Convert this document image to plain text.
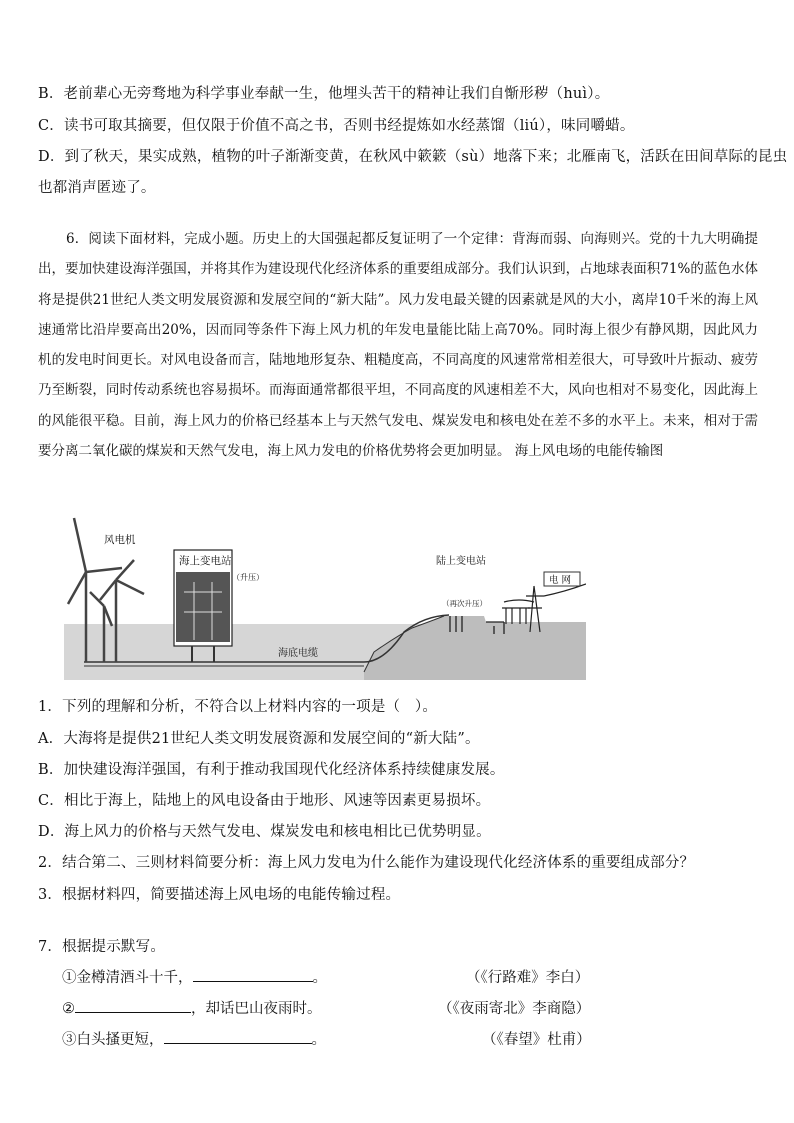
B．老前辈心无旁骛地为科学事业奉献一生，他埋头苦干的精神让我们自惭形秽（huì）。
C．读书可取其摘要，但仅限于价值不高之书，否则书经提炼如水经蒸馏（liú），味同嚼蜡。
D．到了秋天，果实成熟，植物的叶子渐渐变黄，在秋风中簌簌（sù）地落下来；北雁南飞，活跃在田间草际的昆虫
也都消声匿迹了。
6．阅读下面材料，完成小题。历史上的大国强起都反复证明了一个定律：背海而弱、向海则兴。党的十九大明确提出，要加快建设海洋强国，并将其作为建设现代化经济体系的重要组成部分。我们认识到，占地球表面积71%的蓝色水体将是提供21世纪人类文明发展资源和发展空间的“新大陆”。风力发电最关键的因素就是风的大小，离岸10千米的海上风速通常比沿岸要高出20%，因而同等条件下海上风力机的年发电量能比陆上高70%。同时海上很少有静风期，因此风力机的发电时间更长。对风电设备而言，陆地地形复杂、粗糙度高，不同高度的风速常常相差很大，可导致叶片振动、疲劳乃至断裂，同时传动系统也容易损坏。而海面通常都很平坦，不同高度的风速相差不大，风向也相对不易变化，因此海上的风能很平稳。目前，海上风力的价格已经基本上与天然气发电、煤炭发电和核电处在差不多的水平上。未来，相对于需要分离二氧化碳的煤炭和天然气发电，海上风力发电的价格优势将会更加明显。 海上风电场的电能传输图
海底电缆
风电机
海上变电站
（升压）
陆上变电站
（再次升压）
电 网
1．下列的理解和分析，不符合以上材料内容的一项是（　）。
A．大海将是提供21世纪人类文明发展资源和发展空间的“新大陆”。
B．加快建设海洋强国，有利于推动我国现代化经济体系持续健康发展。
C．相比于海上，陆地上的风电设备由于地形、风速等因素更易损坏。
D．海上风力的价格与天然气发电、煤炭发电和核电相比已优势明显。
2．结合第二、三则材料简要分析：海上风力发电为什么能作为建设现代化经济体系的重要组成部分？
3．根据材料四，简要描述海上风电场的电能传输过程。
7．根据提示默写。
①金樽清酒斗十千，	。	（《行路难》李白）
②	，却话巴山夜雨时。	（《夜雨寄北》李商隐）
③白头搔更短，	。	（《春望》杜甫）
